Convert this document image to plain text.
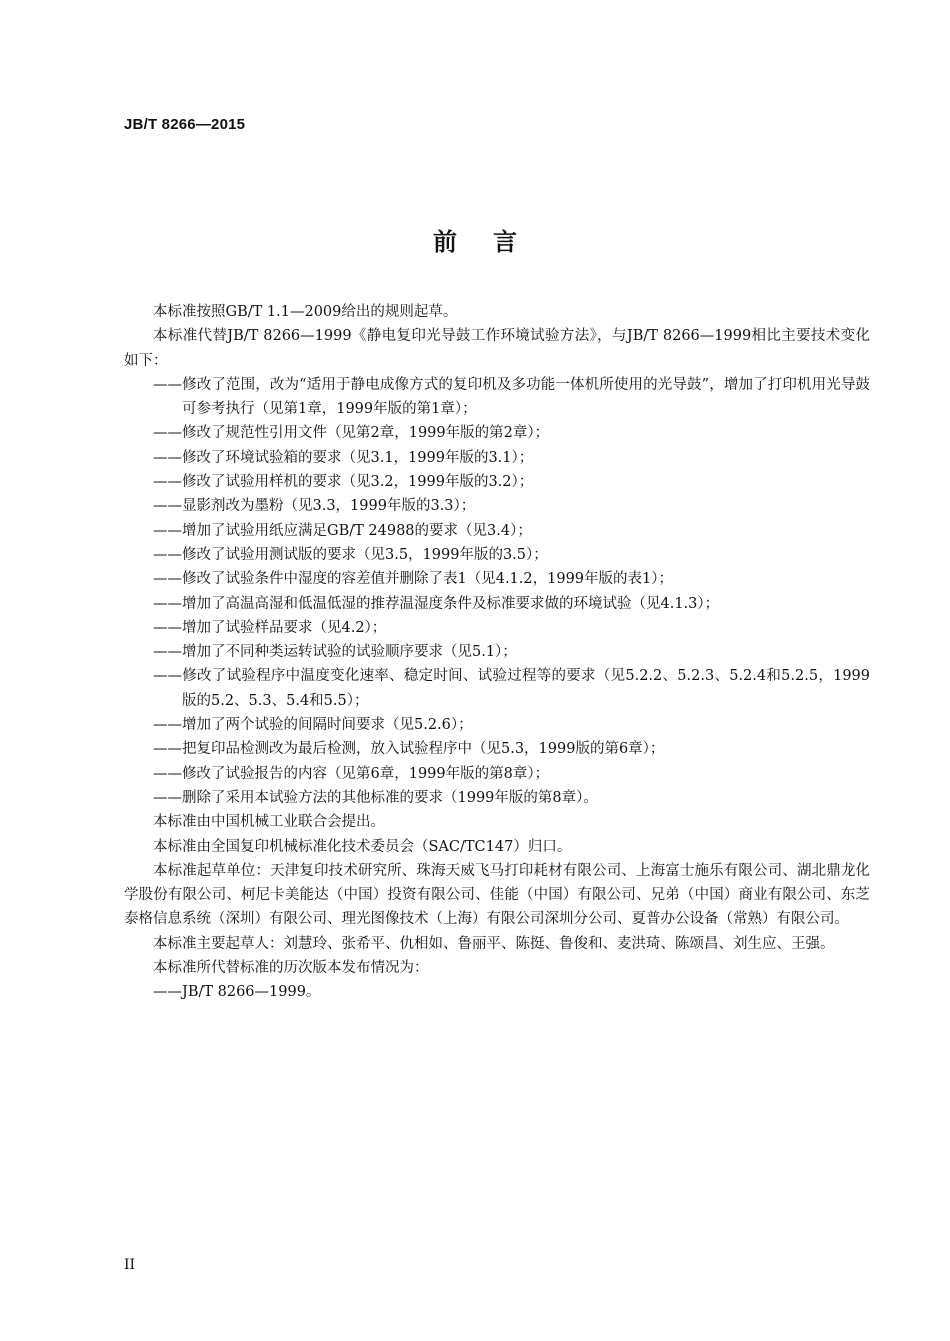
JB/T 8266—2015
前言

本标准按照GB/T 1.1—2009给出的规则起草。

本标准代替JB/T 8266—1999《静电复印光导鼓工作环境试验方法》，与JB/T 8266—1999相比主要技术变化如下：

——修改了范围，改为“适用于静电成像方式的复印机及多功能一体机所使用的光导鼓”，增加了打印机用光导鼓可参考执行（见第1章，1999年版的第1章）；

——修改了规范性引用文件（见第2章，1999年版的第2章）；

——修改了环境试验箱的要求（见3.1，1999年版的3.1）；

——修改了试验用样机的要求（见3.2，1999年版的3.2）；

——显影剂改为墨粉（见3.3，1999年版的3.3）；

——增加了试验用纸应满足GB/T 24988的要求（见3.4）；

——修改了试验用测试版的要求（见3.5，1999年版的3.5）；

——修改了试验条件中湿度的容差值并删除了表1（见4.1.2，1999年版的表1）；

——增加了高温高湿和低温低湿的推荐温湿度条件及标准要求做的环境试验（见4.1.3）；

——增加了试验样品要求（见4.2）；

——增加了不同种类运转试验的试验顺序要求（见5.1）；

——修改了试验程序中温度变化速率、稳定时间、试验过程等的要求（见5.2.2、5.2.3、5.2.4和5.2.5，1999版的5.2、5.3、5.4和5.5）；

——增加了两个试验的间隔时间要求（见5.2.6）；

——把复印品检测改为最后检测，放入试验程序中（见5.3，1999版的第6章）；

——修改了试验报告的内容（见第6章，1999年版的第8章）；

——删除了采用本试验方法的其他标准的要求（1999年版的第8章）。

本标准由中国机械工业联合会提出。

本标准由全国复印机械标准化技术委员会（SAC/TC147）归口。

本标准起草单位：天津复印技术研究所、珠海天威飞马打印耗材有限公司、上海富士施乐有限公司、湖北鼎龙化学股份有限公司、柯尼卡美能达（中国）投资有限公司、佳能（中国）有限公司、兄弟（中国）商业有限公司、东芝泰格信息系统（深圳）有限公司、理光图像技术（上海）有限公司深圳分公司、夏普办公设备（常熟）有限公司。

本标准主要起草人：刘慧玲、张希平、仇相如、鲁丽平、陈挺、鲁俊和、麦洪琦、陈颂昌、刘生应、王强。

本标准所代替标准的历次版本发布情况为：

——JB/T 8266—1999。

II
